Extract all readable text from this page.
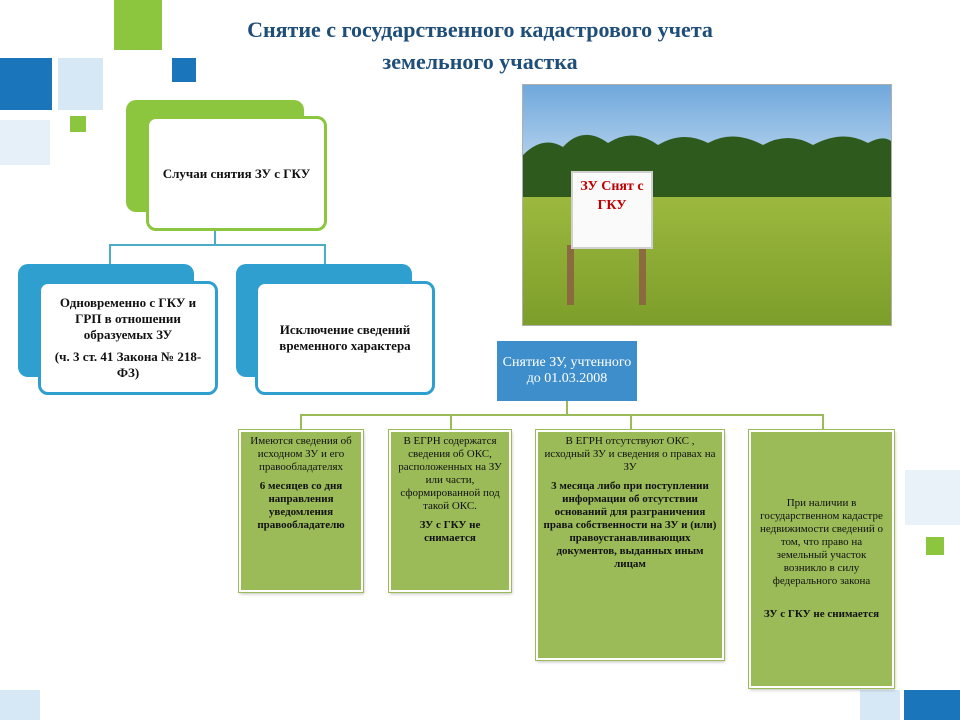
Снятие с государственного кадастрового учета
земельного участка
Случаи снятия ЗУ с ГКУ
Одновременно с ГКУ и ГРП в отношении образуемых ЗУ
(ч. 3 ст. 41 Закона № 218-ФЗ)
Исключение сведений временного характера
ЗУ Снят с ГКУ
Снятие ЗУ, учтенного до 01.03.2008
Имеются сведения об исходном ЗУ и его правообладателях
6 месяцев со дня направления уведомления правообладателю
В ЕГРН содержатся сведения об ОКС, расположенных на ЗУ или части, сформированной под такой ОКС.
ЗУ с ГКУ не снимается
В ЕГРН отсутствуют ОКС , исходный ЗУ и сведения о правах на ЗУ
3 месяца либо при поступлении информации об отсутствии оснований для разграничения права собственности на ЗУ и (или) правоустанавливающих документов, выданных иным лицам
При наличии в государственном кадастре недвижимости сведений о том, что право на земельный участок возникло в силу федерального закона
ЗУ с ГКУ не снимается
